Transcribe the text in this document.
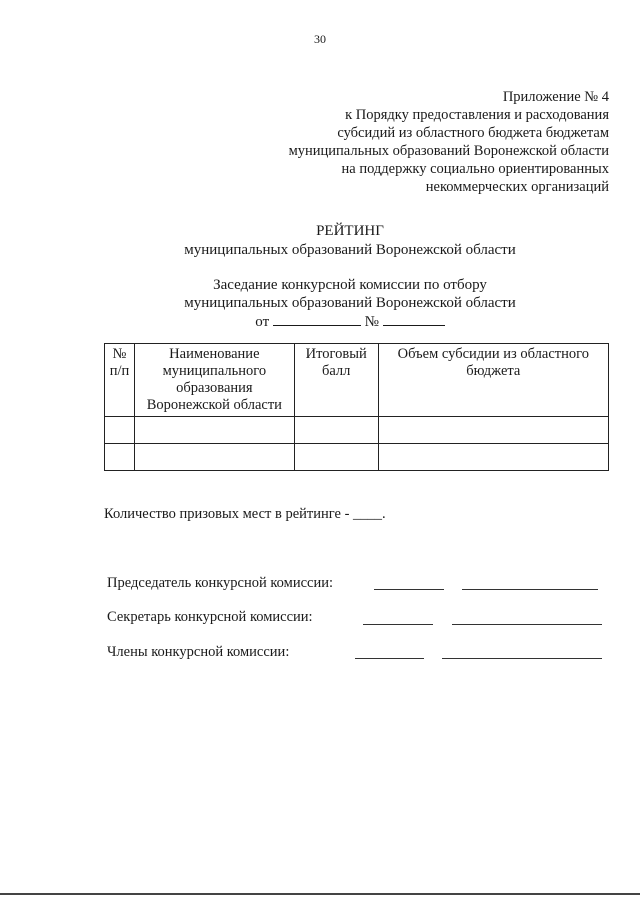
30
Приложение № 4
к Порядку предоставления и расходования
субсидий из областного бюджета бюджетам
муниципальных образований Воронежской области
на поддержку социально ориентированных
некоммерческих организаций
РЕЙТИНГ
муниципальных образований Воронежской области
Заседание конкурсной комиссии по отбору
муниципальных образований Воронежской области
от	№
№ п/п	Наименование муниципального образования Воронежской области	Итоговый балл	Объем субсидии из областного бюджета

Количество призовых мест в рейтинге - ____.
Председатель конкурсной комиссии:
Секретарь конкурсной комиссии:
Члены конкурсной комиссии:
